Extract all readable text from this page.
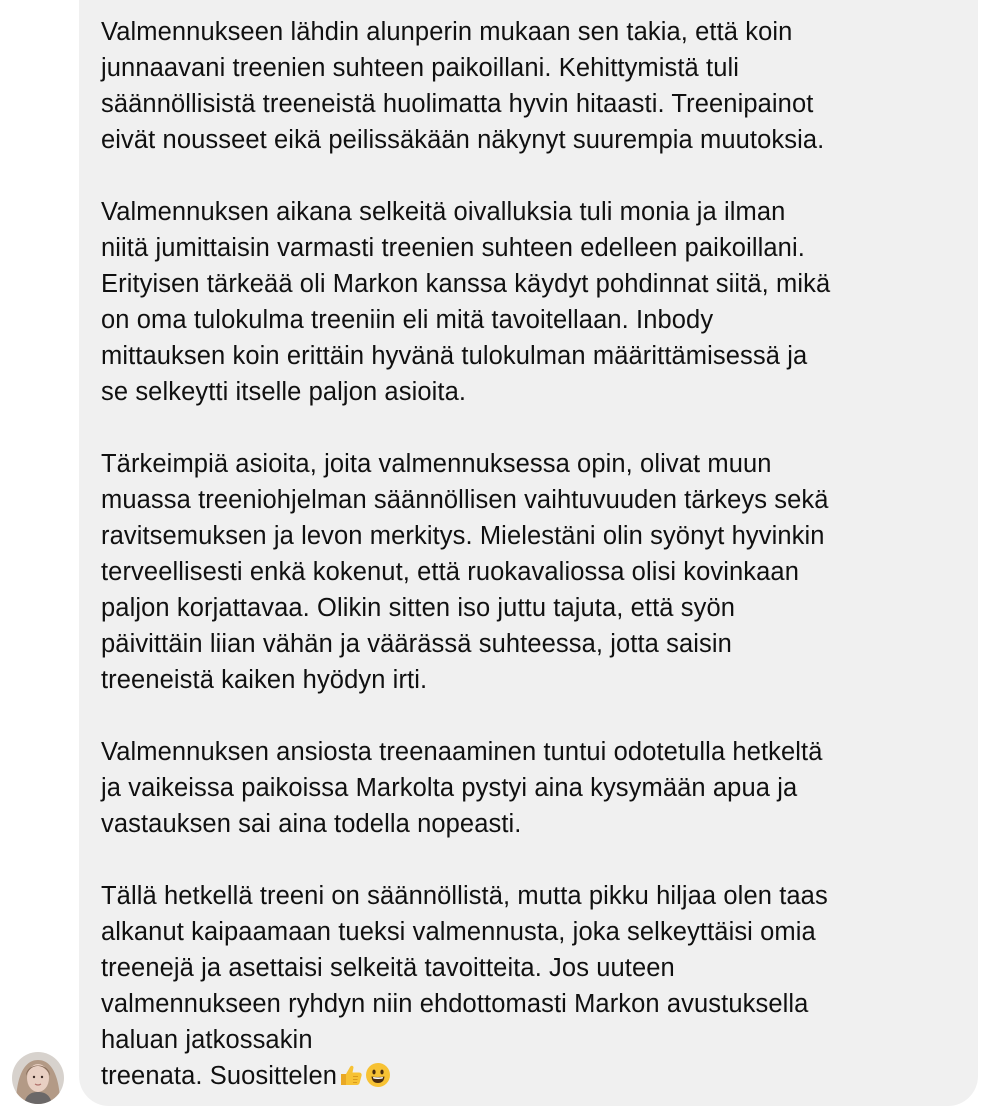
Valmennukseen lähdin alunperin mukaan sen takia, että koin
junnaavani treenien suhteen paikoillani. Kehittymistä tuli
säännöllisistä treeneistä huolimatta hyvin hitaasti. Treenipainot
eivät nousseet eikä peilissäkään näkynyt suurempia muutoksia.
Valmennuksen aikana selkeitä oivalluksia tuli monia ja ilman
niitä jumittaisin varmasti treenien suhteen edelleen paikoillani.
Erityisen tärkeää oli Markon kanssa käydyt pohdinnat siitä, mikä
on oma tulokulma treeniin eli mitä tavoitellaan. Inbody
mittauksen koin erittäin hyvänä tulokulman määrittämisessä ja
se selkeytti itselle paljon asioita.
Tärkeimpiä asioita, joita valmennuksessa opin, olivat muun
muassa treeniohjelman säännöllisen vaihtuvuuden tärkeys sekä
ravitsemuksen ja levon merkitys. Mielestäni olin syönyt hyvinkin
terveellisesti enkä kokenut, että ruokavaliossa olisi kovinkaan
paljon korjattavaa. Olikin sitten iso juttu tajuta, että syön
päivittäin liian vähän ja väärässä suhteessa, jotta saisin
treeneistä kaiken hyödyn irti.
Valmennuksen ansiosta treenaaminen tuntui odotetulla hetkeltä
ja vaikeissa paikoissa Markolta pystyi aina kysymään apua ja
vastauksen sai aina todella nopeasti.
Tällä hetkellä treeni on säännöllistä, mutta pikku hiljaa olen taas
alkanut kaipaamaan tueksi valmennusta, joka selkeyttäisi omia
treenejä ja asettaisi selkeitä tavoitteita. Jos uuteen
valmennukseen ryhdyn niin ehdottomasti Markon avustuksella
haluan jatkossakin
treenata. Suosittelen
